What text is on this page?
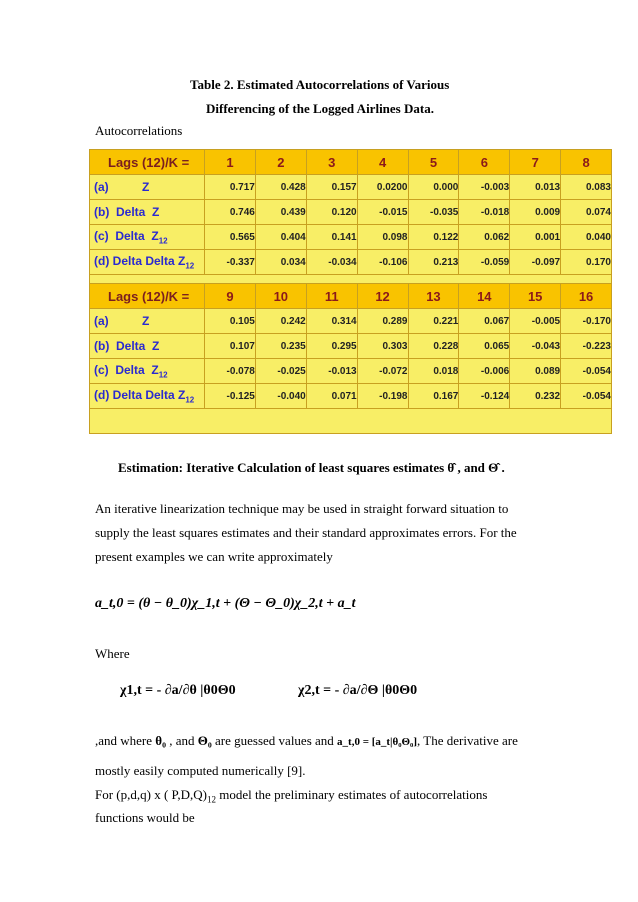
Table 2. Estimated Autocorrelations of Various
Differencing of the Logged Airlines Data.
Autocorrelations
Lags (12)/K =	1	2	3	4	5	6	7	8
(a)          Z	0.717	0.428	0.157	0.0200	0.000	-0.003	0.013	0.083
(b)  Delta  Z	0.746	0.439	0.120	-0.015	-0.035	-0.018	0.009	0.074
(c)  Delta  $Z_{12}$	0.565	0.404	0.141	0.098	0.122	0.062	0.001	0.040
(d) Delta Delta $Z_{12}$	-0.337	0.034	-0.034	-0.106	0.213	-0.059	-0.097	0.170

Lags (12)/K =	9	10	11	12	13	14	15	16
(a)          Z	0.105	0.242	0.314	0.289	0.221	0.067	-0.005	-0.170
(b)  Delta  Z	0.107	0.235	0.295	0.303	0.228	0.065	-0.043	-0.223
(c)  Delta  $Z_{12}$	-0.078	-0.025	-0.013	-0.072	0.018	-0.006	0.089	-0.054
(d) Delta Delta $Z_{12}$	-0.125	-0.040	0.071	-0.198	0.167	-0.124	0.232	-0.054

Estimation: Iterative Calculation of least squares estimates θ̂ , and Θ̂ .
An iterative linearization technique may be used in straight forward situation to supply the least squares estimates and their standard approximates errors. For the present examples we can write approximately
a_t,0 = (θ − θ_0)χ_1,t + (Θ − Θ_0)χ_2,t + a_t
Where
χ1,t = - ∂a/∂θ |θ0Θ0	χ2,t = - ∂a/∂Θ |θ0Θ0
,and where θ₀ , and Θ₀ are guessed values and a_t,0 = [a_t|θ₀Θ₀], The derivative are
mostly easily computed numerically [9].
For (p,d,q) x ( $P,D,Q)_{12}$ model the preliminary estimates of autocorrelations
functions would be
